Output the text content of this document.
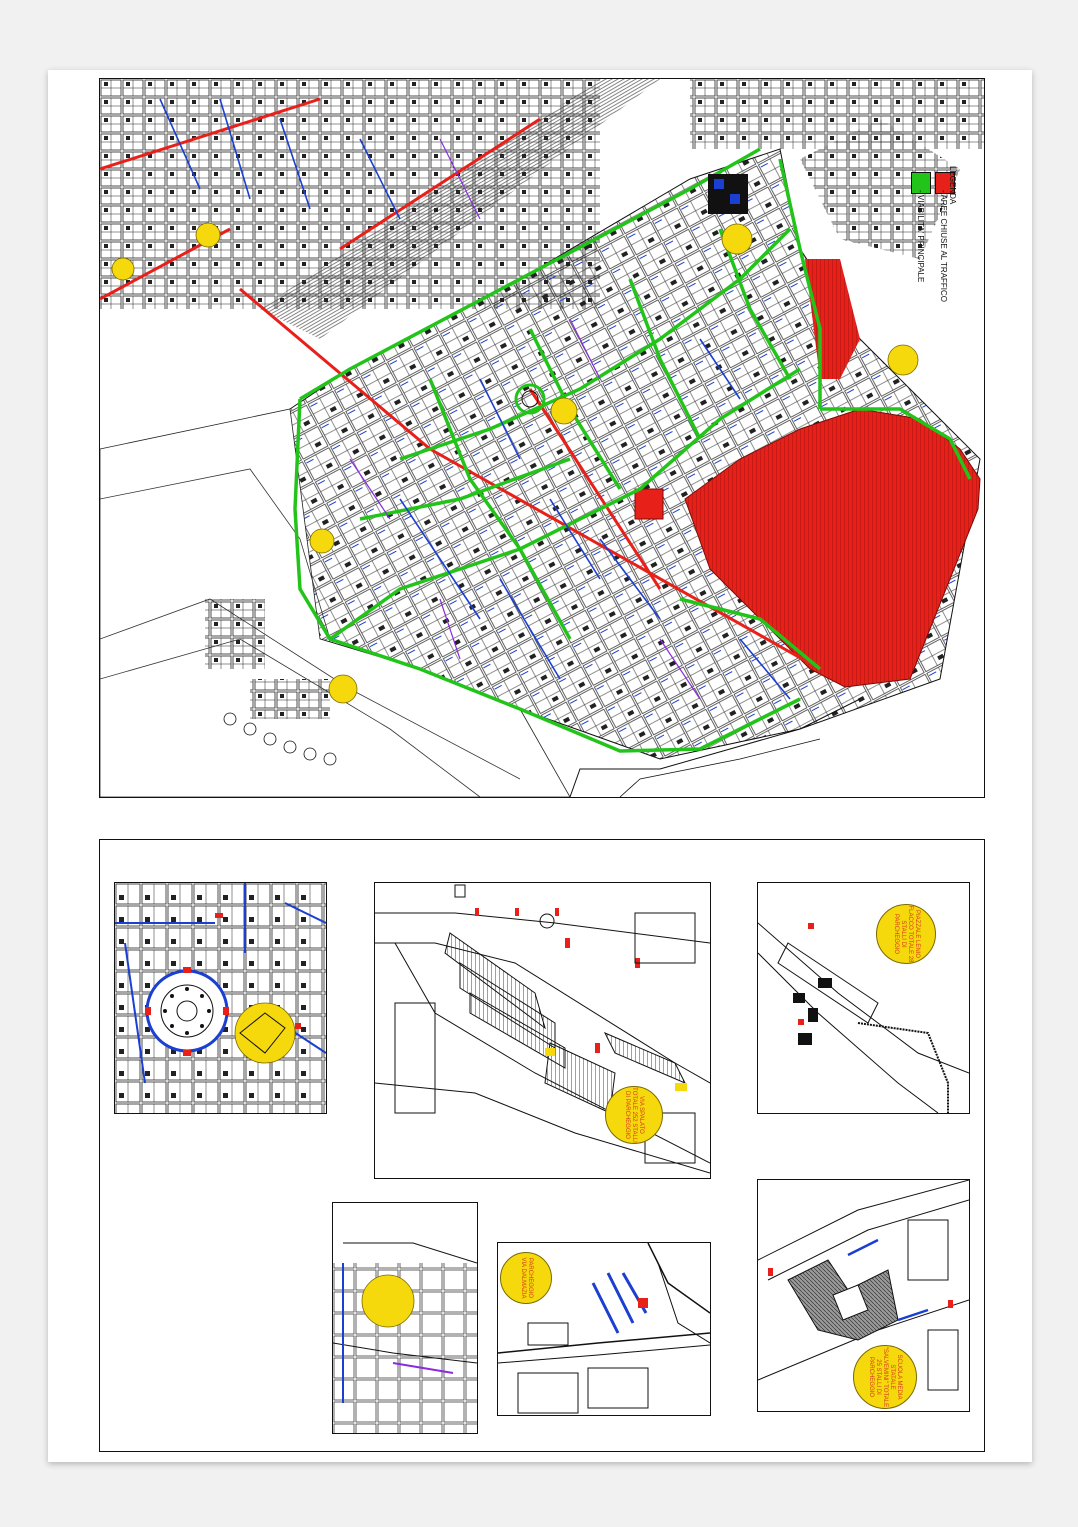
LEGENDA
- AREE CHIUSE AL TRAFFICO
- VIABILITA' PRINCIPALE
PIAZZALE LENIO FLACCO TOTALE 28 STALLI DI PARCHEGGIO
VIA SPALATO TOTALE 252 STALLI DI PARCHEGGIO
PARCHEGGIO VIA DALMAZIA
SCUOLA MEDIA STATALE "SALVEMINI" TOTALE 25 STALLI DI PARCHEGGIO
